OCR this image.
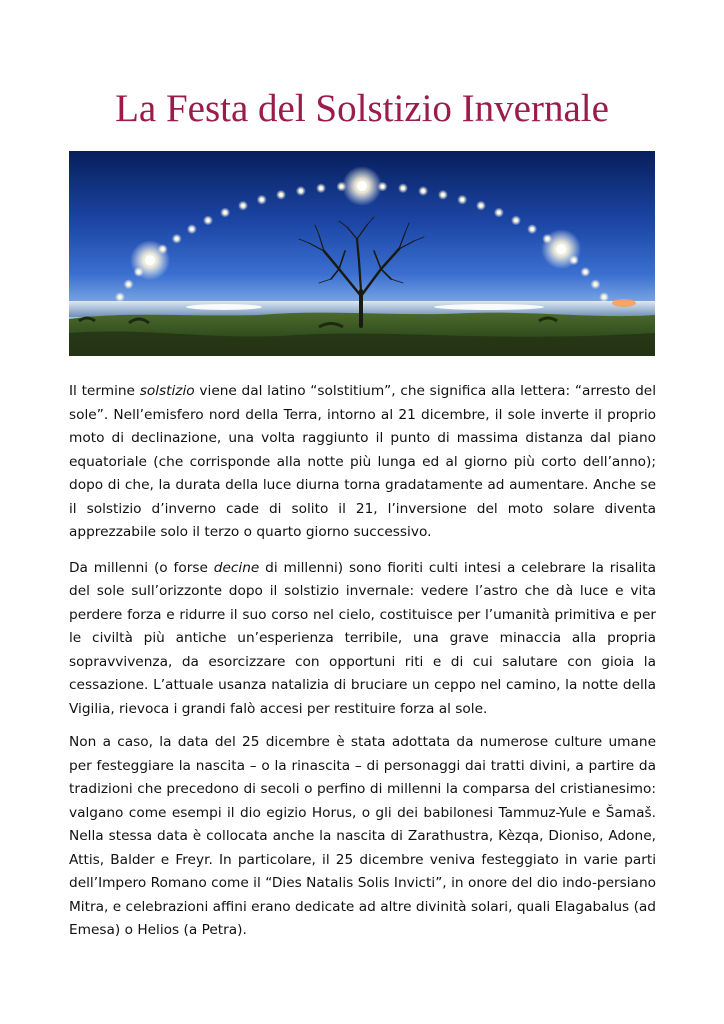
La Festa del Solstizio Invernale

Il termine solstizio viene dal latino “solstitium”, che significa alla lettera: “arresto del sole”. Nell’emisfero nord della Terra, intorno al 21 dicembre, il sole inverte il proprio moto di declinazione, una volta raggiunto il punto di massima distanza dal piano equatoriale (che corrisponde alla notte più lunga ed al giorno più corto dell’anno); dopo di che, la durata della luce diurna torna gradatamente ad aumentare. Anche se il solstizio d’inverno cade di solito il 21, l’inversione del moto solare diventa apprezzabile solo il terzo o quarto giorno successivo.

Da millenni (o forse decine di millenni) sono fioriti culti intesi a celebrare la risalita del sole sull’orizzonte dopo il solstizio invernale: vedere l’astro che dà luce e vita perdere forza e ridurre il suo corso nel cielo, costituisce per l’umanità primitiva e per le civiltà più antiche un’esperienza terribile, una grave minaccia alla propria sopravvivenza, da esorcizzare con opportuni riti e di cui salutare con gioia la cessazione. L’attuale usanza natalizia di bruciare un ceppo nel camino, la notte della Vigilia, rievoca i grandi falò accesi per restituire forza al sole.

Non a caso, la data del 25 dicembre è stata adottata da numerose culture umane per festeggiare la nascita – o la rinascita – di personaggi dai tratti divini, a partire da tradizioni che precedono di secoli o perfino di millenni la comparsa del cristianesimo: valgano come esempi il dio egizio Horus, o gli dei babilonesi Tammuz-Yule e Šamaš. Nella stessa data è collocata anche la nascita di Zarathustra, Kèzqa, Dioniso, Adone, Attis, Balder e Freyr. In particolare, il 25 dicembre veniva festeggiato in varie parti dell’Impero Romano come il “Dies Natalis Solis Invicti”, in onore del dio indo-persiano Mitra, e celebrazioni affini erano dedicate ad altre divinità solari, quali Elagabalus (ad Emesa) o Helios (a Petra).
